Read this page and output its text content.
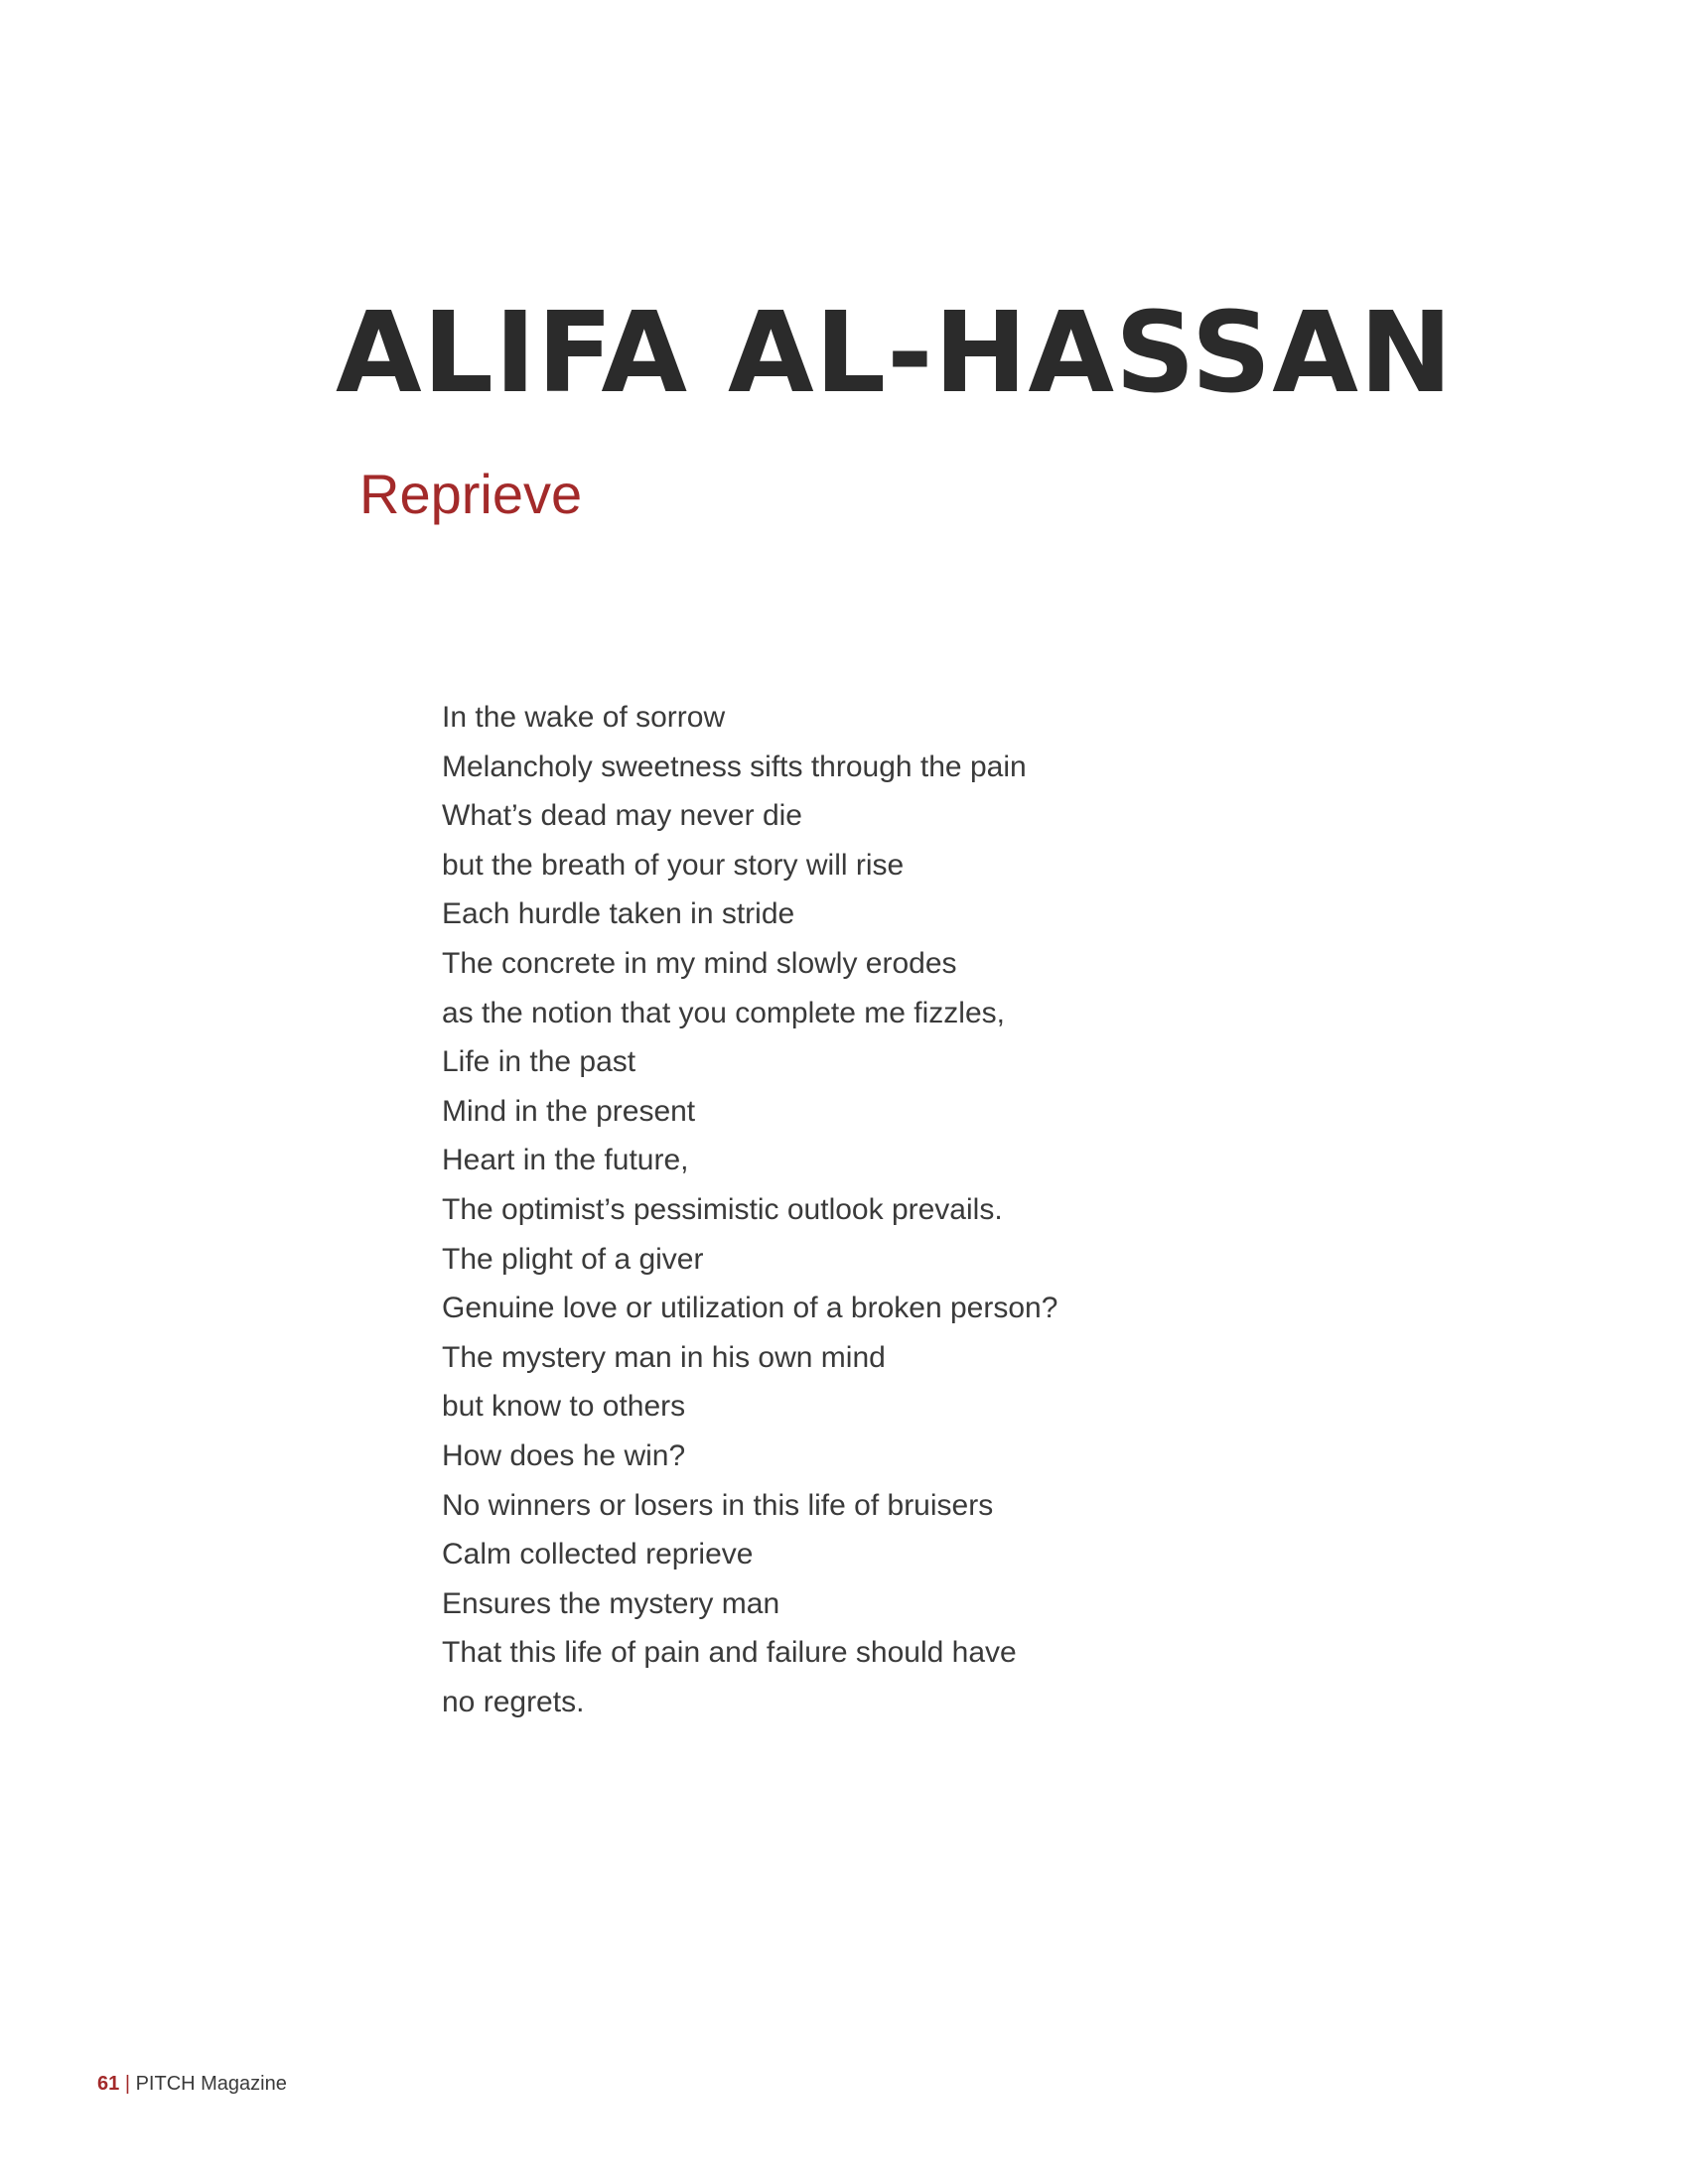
ALIFA AL-HASSAN
Reprieve
In the wake of sorrow
Melancholy sweetness sifts through the pain
What’s dead may never die
but the breath of your story will rise
Each hurdle taken in stride
The concrete in my mind slowly erodes
as the notion that you complete me fizzles,
Life in the past
Mind in the present
Heart in the future,
The optimist’s pessimistic outlook prevails.
The plight of a giver
Genuine love or utilization of a broken person?
The mystery man in his own mind
but know to others
How does he win?
No winners or losers in this life of bruisers
Calm collected reprieve
Ensures the mystery man
That this life of pain and failure should have
no regrets.
61 | PITCH Magazine
